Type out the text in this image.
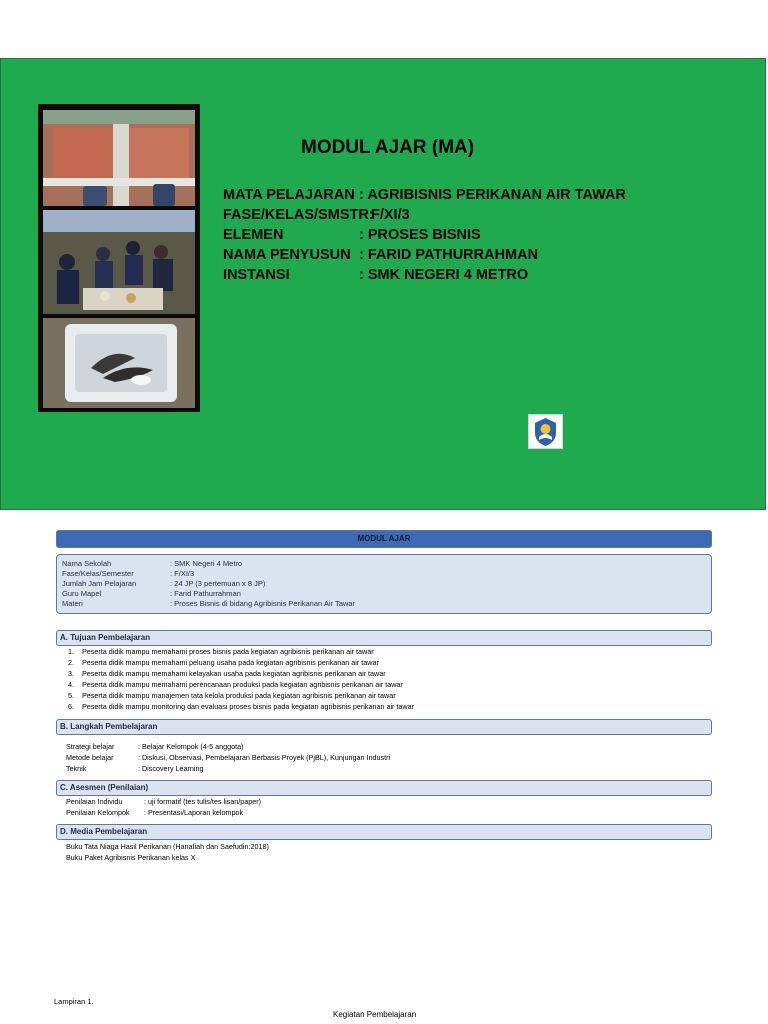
MODUL AJAR (MA)
MATA PELAJARAN : AGRIBISNIS PERIKANAN AIR TAWAR
FASE/KELAS/SMSTR:
F/XI/3
ELEMEN	: PROSES BISNIS
NAMA PENYUSUN : FARID PATHURRAHMAN
INSTANSI	: SMK NEGERI 4 METRO
MODUL AJAR
Nama Sekolah	: SMK Negeri 4 Metro
Fase/Kelas/Semester	: F/XI/3
Jumlah Jam Pelajaran	: 24 JP (3 pertemuan x 8 JP)
Guru Mapel	: Farid Pathurrahman
Materi	: Proses Bisnis di bidang Agribisnis Perikanan Air Tawar
A. Tujuan Pembelajaran
1. Peserta didik mampu memahami proses bisnis pada kegiatan agribisnis perikanan air tawar
2. Peserta didik mampu memahami peluang usaha pada kegiatan agribisnis perikanan air tawar
3. Peserta didik mampu memahami kelayakan usaha pada kegiatan agribisnis perikanan air tawar
4. Peserta didik mampu memahami perencanaan produksi pada kegiatan agribisnis perikanan air tawar
5. Peserta didik mampu manajemen tata kelola produksi pada kegiatan agribisnis perikanan air tawar
6. Peserta didik mampu monitoring dan evaluasi proses bisnis pada kegiatan agribisnis perikanan air tawar
B. Langkah Pembelajaran
Strategi belajar	: Belajar Kelompok (4-5 anggota)
Metode belajar	: Diskusi, Observasi, Pembelajaran Berbasis Proyek (PjBL), Kunjungan Industri
Teknik	: Discovery Learning
C. Asesmen (Penilaian)
Penilaian Individu	: uji formatif (tes tulis/tes lisan/paper)
Penilaian Kelompok : Presentasi/Laporan kelompok
D. Media Pembelajaran
Buku Tata Niaga Hasil Perikanan (Hanafiah dan Saefudin:2018)
Buku Paket Agribisnis Perikanan kelas X
Lampiran 1.
Kegiatan Pembelajaran
